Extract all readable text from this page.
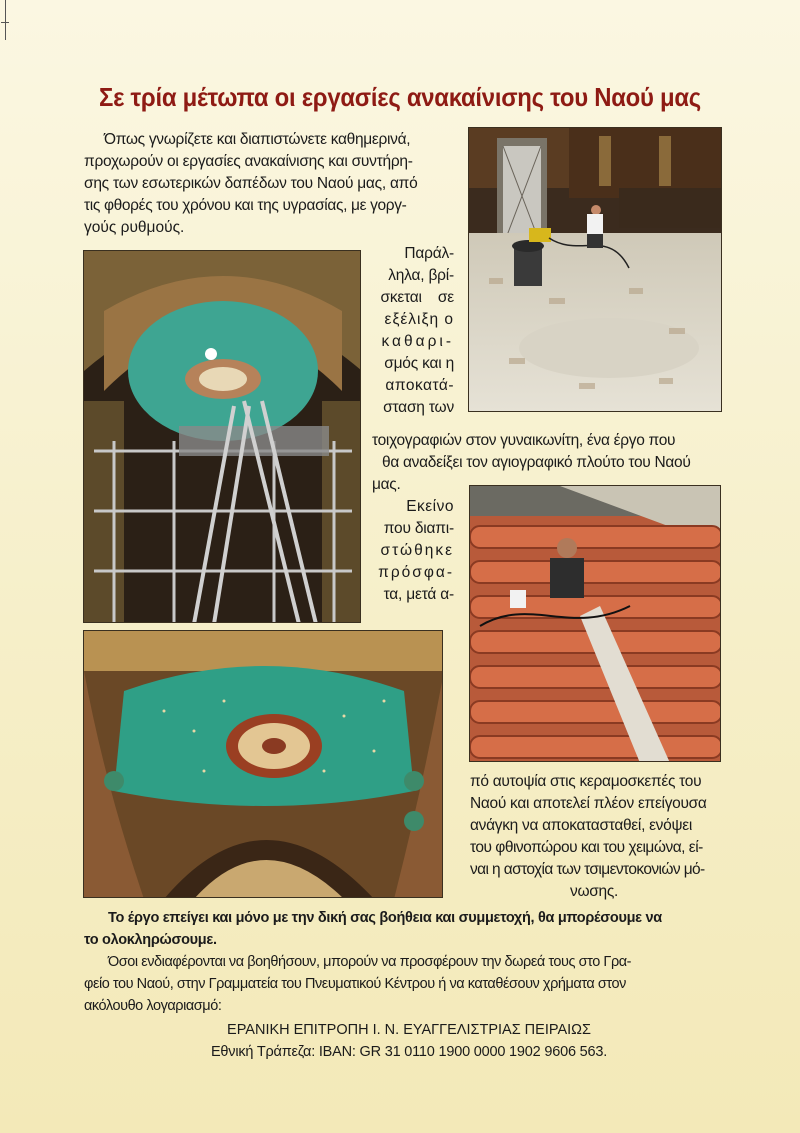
Σε τρία μέτωπα οι εργασίες ανακαίνισης του Ναού μας
Όπως γνωρίζετε και διαπιστώνετε καθημερινά,
προχωρούν οι εργασίες ανακαίνισης και συντήρη-
σης των εσωτερικών δαπέδων του Ναού μας, από
τις φθορές του χρόνου και της υγρασίας, με γοργ-
γούς ρυθμούς.
Παράλ-
ληλα, βρί-
σκεται σε
εξέλιξη ο
καθαρι-
σμός και η
αποκατά-
σταση των
τοιχογραφιών στον γυναικωνίτη, ένα έργο που
θα αναδείξει τον αγιογραφικό πλούτο του Ναού
μας.
Εκείνο
που διαπι-
στώθηκε
πρόσφα-
τα, μετά α-
πό αυτοψία στις κεραμοσκεπές του
Ναού και αποτελεί πλέον επείγουσα
ανάγκη να αποκατασταθεί, ενόψει
του φθινοπώρου και του χειμώνα, εί-
ναι η αστοχία των τσιμεντοκονιών μό-
νωσης.
Το έργο επείγει και μόνο με την δική σας βοήθεια και συμμετοχή, θα μπορέσουμε να
το ολοκληρώσουμε.
Όσοι ενδιαφέρονται να βοηθήσουν, μπορούν να προσφέρουν την δωρεά τους στο Γρα-
φείο του Ναού, στην Γραμματεία του Πνευματικού Κέντρου ή να καταθέσουν χρήματα στον
ακόλουθο λογαριασμό:
ΕΡΑΝΙΚΗ ΕΠΙΤΡΟΠΗ Ι. Ν. ΕΥΑΓΓΕΛΙΣΤΡΙΑΣ ΠΕΙΡΑΙΩΣ
Εθνική Τράπεζα: IBAN: GR 31 0110 1900 0000 1902 9606 563.
